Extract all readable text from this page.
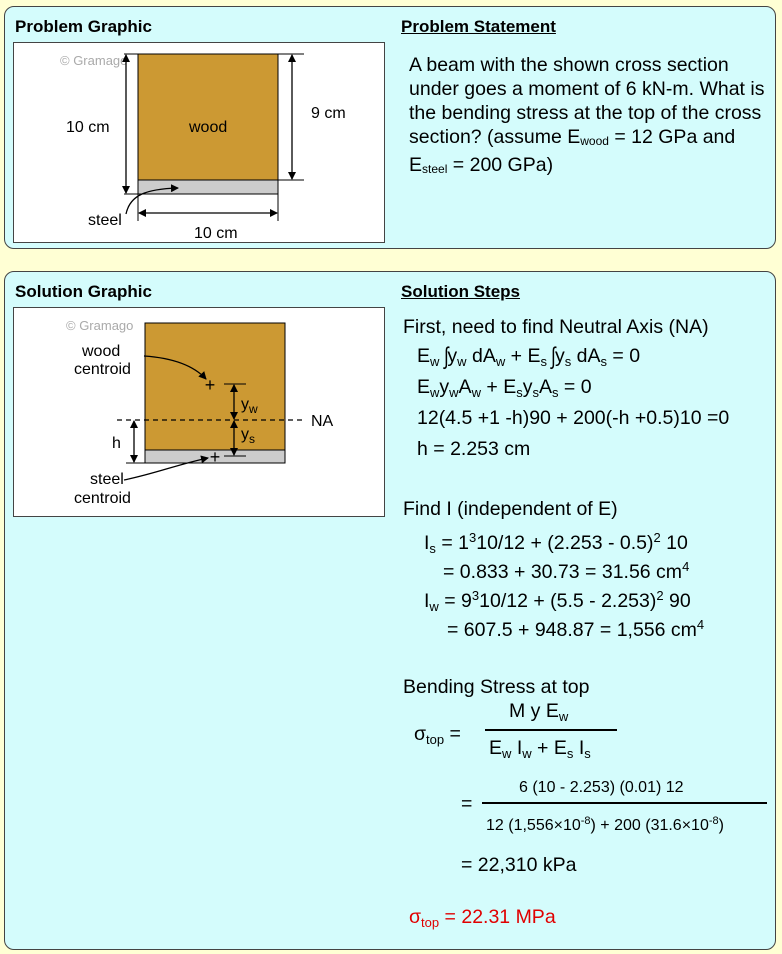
Problem Graphic	Problem Statement
© Gramago
10 cm	wood
9 cm
10 cm
steel
A beam with the shown cross section under goes a moment of 6 kN-m. What is the bending stress at the top of the cross section? (assume $E_{wood} = 12$ GPa and $E_{steel} = 200$ GPa)
Solution Graphic	Solution Steps
© Gramago
NA
+
+
$y_w$
$y_s$
h
wood
centroid
steel
centroid
First, need to find Neutral Axis (NA)
$E_w$ $\int y_w$ $dA_w + E_s$ $\int y_s$ $dA_s = 0$
$E_wy_wA_w + E_sy_sA_s = 0$
12(4.5 +1 -h)90 + 200(-h +0.5)10 =0
h = 2.253 cm
Find I (independent of E)
$I_s = 1^310/12 + (2.253 - 0.5)^2$ 10
= 0.833 + 30.73 = 31.56 $cm^4$
$I_w = 9^310/12 + (5.5 - 2.253)^2$ 90
= 607.5 + 948.87 = 1,556 $cm^4$
Bending Stress at top
$\sigma_{top}$ =
M y $E_w$
$E_w$ $I_w + E_s$ $I_s$
=
6 (10 - 2.253) (0.01) 12
12 $(1,556\times 10^{-8}) + 200$ $(31.6\times 10^{-8})$
= 22,310 kPa
$\sigma_{top} = 22.31$ MPa
